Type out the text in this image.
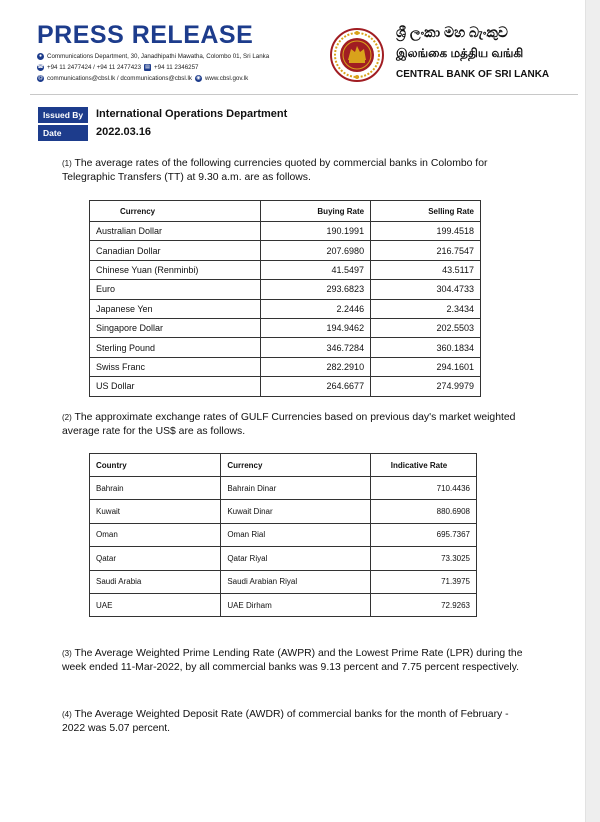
PRESS RELEASE
● Communications Department, 30, Janadhipathi Mawatha, Colombo 01, Sri Lanka
☎ +94 11 2477424 / +94 11 2477423 ▤ +94 11 2346257
@ communications@cbsl.lk / dcommunications@cbsl.lk ◉ www.cbsl.gov.lk
ශ්‍රී ලංකා මහ බැංකුව
இலங்கை மத்திய வங்கி
CENTRAL BANK OF SRI LANKA
Issued By	International Operations Department
Date	2022.03.16
(1) The average rates of the following currencies quoted by commercial banks in Colombo for Telegraphic Transfers (TT) at 9.30 a.m. are as follows.
Currency	Buying Rate	Selling Rate
Australian Dollar	190.1991	199.4518
Canadian Dollar	207.6980	216.7547
Chinese Yuan (Renminbi)	41.5497	43.5117
Euro	293.6823	304.4733
Japanese Yen	2.2446	2.3434
Singapore Dollar	194.9462	202.5503
Sterling Pound	346.7284	360.1834
Swiss Franc	282.2910	294.1601
US Dollar	264.6677	274.9979
(2) The approximate exchange rates of GULF Currencies based on previous day's market weighted average rate for the US$ are as follows.
Country	Currency	Indicative Rate
Bahrain	Bahrain Dinar	710.4436
Kuwait	Kuwait Dinar	880.6908
Oman	Oman Rial	695.7367
Qatar	Qatar Riyal	73.3025
Saudi Arabia	Saudi Arabian Riyal	71.3975
UAE	UAE Dirham	72.9263
(3) The Average Weighted Prime Lending Rate (AWPR) and the Lowest Prime Rate (LPR) during the week ended 11-Mar-2022, by all commercial banks was 9.13 percent and 7.75 percent respectively.
(4) The Average Weighted Deposit Rate (AWDR) of commercial banks for the month of February - 2022 was 5.07 percent.
